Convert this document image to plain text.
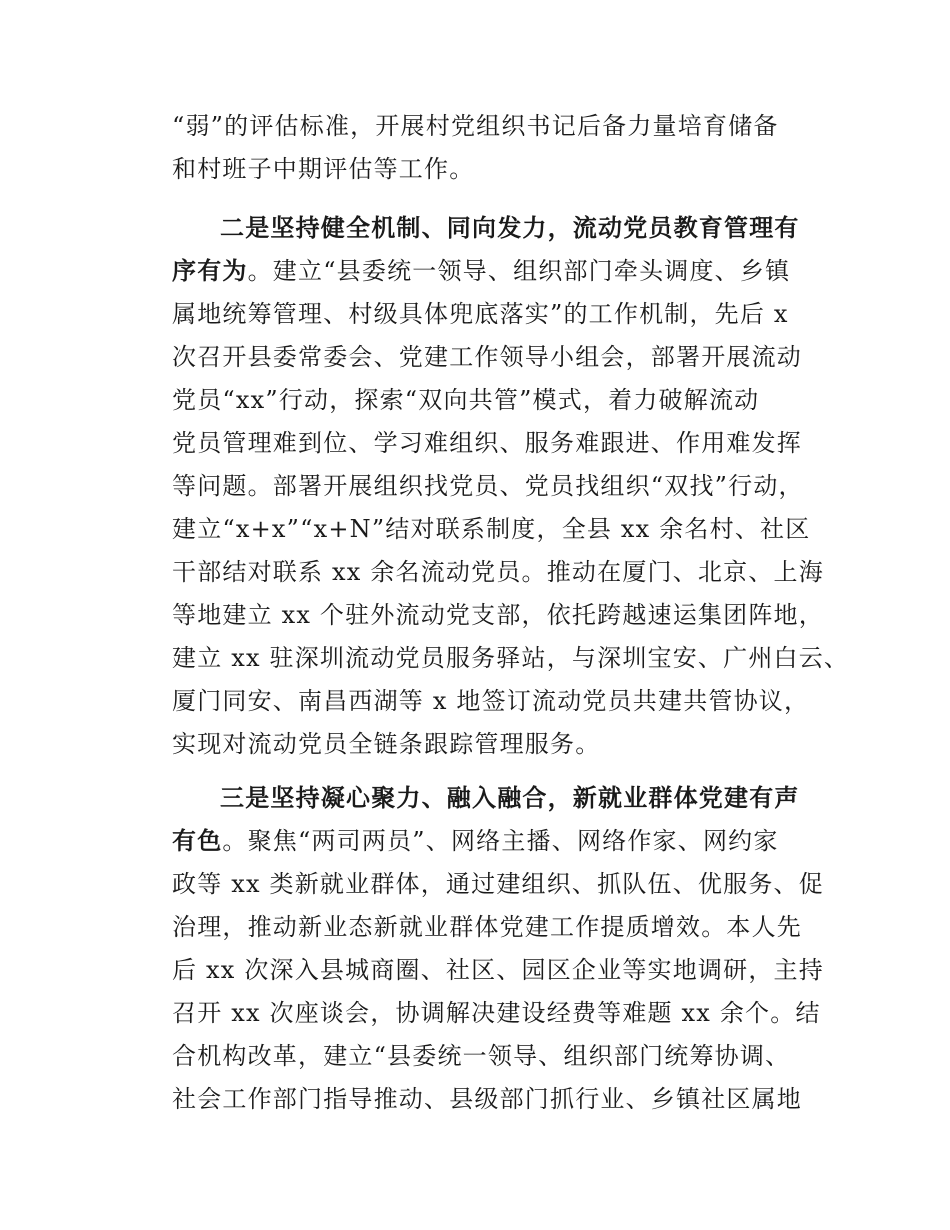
“弱”的评估标准，开展村党组织书记后备力量培育储备
和村班子中期评估等工作。
二是坚持健全机制、同向发力，流动党员教育管理有
序有为。建立“县委统一领导、组织部门牵头调度、乡镇
属地统筹管理、村级具体兜底落实”的工作机制，先后 x
次召开县委常委会、党建工作领导小组会，部署开展流动
党员“xx”行动，探索“双向共管”模式，着力破解流动
党员管理难到位、学习难组织、服务难跟进、作用难发挥
等问题。部署开展组织找党员、党员找组织“双找”行动，
建立“x+x”“x+N”结对联系制度，全县 xx 余名村、社区
干部结对联系 xx 余名流动党员。推动在厦门、北京、上海
等地建立 xx 个驻外流动党支部，依托跨越速运集团阵地，
建立 xx 驻深圳流动党员服务驿站，与深圳宝安、广州白云、
厦门同安、南昌西湖等 x 地签订流动党员共建共管协议，
实现对流动党员全链条跟踪管理服务。
三是坚持凝心聚力、融入融合，新就业群体党建有声
有色。聚焦“两司两员”、网络主播、网络作家、网约家
政等 xx 类新就业群体，通过建组织、抓队伍、优服务、促
治理，推动新业态新就业群体党建工作提质增效。本人先
后 xx 次深入县城商圈、社区、园区企业等实地调研，主持
召开 xx 次座谈会，协调解决建设经费等难题 xx 余个。结
合机构改革，建立“县委统一领导、组织部门统筹协调、
社会工作部门指导推动、县级部门抓行业、乡镇社区属地
